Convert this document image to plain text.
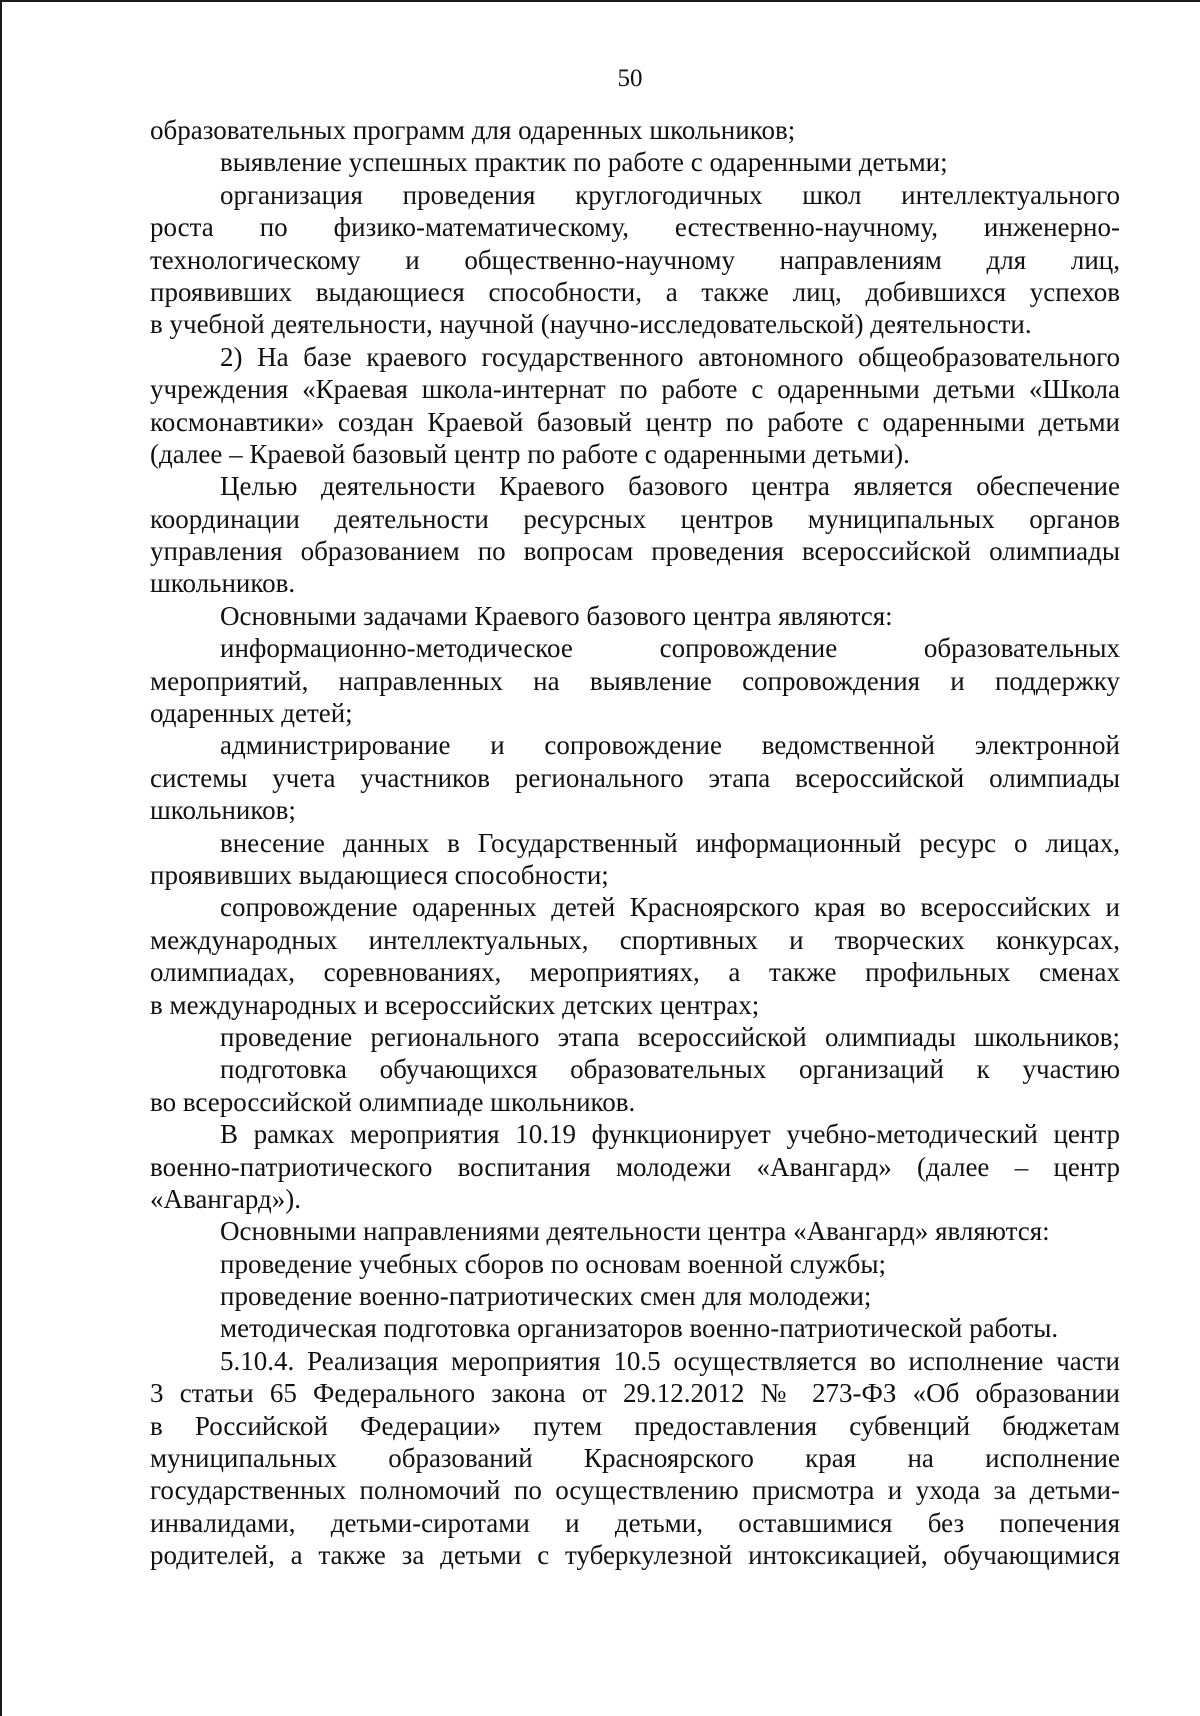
50
образовательных программ для одаренных школьников;
выявление успешных практик по работе с одаренными детьми;
организация проведения круглогодичных школ интеллектуального
роста по физико-математическому, естественно-научному, инженерно-
технологическому и общественно-научному направлениям для лиц,
проявивших выдающиеся способности, а также лиц, добившихся успехов
в учебной деятельности, научной (научно-исследовательской) деятельности.
2) На базе краевого государственного автономного общеобразовательного
учреждения «Краевая школа-интернат по работе с одаренными детьми «Школа
космонавтики» создан Краевой базовый центр по работе с одаренными детьми
(далее – Краевой базовый центр по работе с одаренными детьми).
Целью деятельности Краевого базового центра является обеспечение
координации деятельности ресурсных центров муниципальных органов
управления образованием по вопросам проведения всероссийской олимпиады
школьников.
Основными задачами Краевого базового центра являются:
информационно-методическое сопровождение образовательных
мероприятий, направленных на выявление сопровождения и поддержку
одаренных детей;
администрирование и сопровождение ведомственной электронной
системы учета участников регионального этапа всероссийской олимпиады
школьников;
внесение данных в Государственный информационный ресурс о лицах,
проявивших выдающиеся способности;
сопровождение одаренных детей Красноярского края во всероссийских и
международных интеллектуальных, спортивных и творческих конкурсах,
олимпиадах, соревнованиях, мероприятиях, а также профильных сменах
в международных и всероссийских детских центрах;
проведение регионального этапа всероссийской олимпиады школьников;
подготовка обучающихся образовательных организаций к участию
во всероссийской олимпиаде школьников.
В рамках мероприятия 10.19 функционирует учебно-методический центр
военно-патриотического воспитания молодежи «Авангард» (далее – центр
«Авангард»).
Основными направлениями деятельности центра «Авангард» являются:
проведение учебных сборов по основам военной службы;
проведение военно-патриотических смен для молодежи;
методическая подготовка организаторов военно-патриотической работы.
5.10.4. Реализация мероприятия 10.5 осуществляется во исполнение части
3 статьи 65 Федерального закона от 29.12.2012 № 273-ФЗ «Об образовании
в Российской Федерации» путем предоставления субвенций бюджетам
муниципальных образований Красноярского края на исполнение
государственных полномочий по осуществлению присмотра и ухода за детьми-
инвалидами, детьми-сиротами и детьми, оставшимися без попечения
родителей, а также за детьми с туберкулезной интоксикацией, обучающимися
